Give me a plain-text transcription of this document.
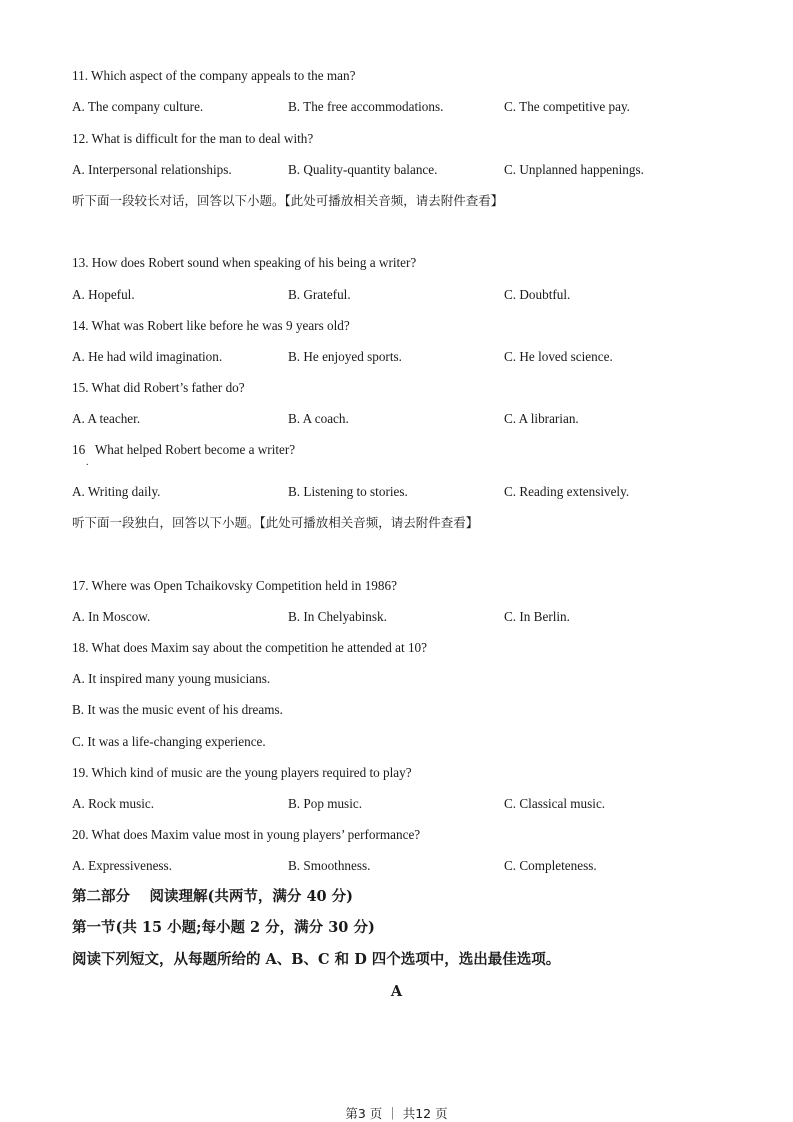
11. Which aspect of the company appeals to the man?
A. The company culture.	B. The free accommodations.	C. The competitive pay.
12. What is difficult for the man to deal with?
A. Interpersonal relationships.	B. Quality-quantity balance.	C. Unplanned happenings.
听下面一段较长对话，回答以下小题。【此处可播放相关音频，请去附件查看】
13. How does Robert sound when speaking of his being a writer?
A. Hopeful.	B. Grateful.	C. Doubtful.
14. What was Robert like before he was 9 years old?
A. He had wild imagination.	B. He enjoyed sports.	C. He loved science.
15. What did Robert’s father do?
A. A teacher.	B. A coach.	C. A librarian.
16   What helped Robert become a writer?
.
A. Writing daily.	B. Listening to stories.	C. Reading extensively.
听下面一段独白，回答以下小题。【此处可播放相关音频，请去附件查看】
17. Where was Open Tchaikovsky Competition held in 1986?
A. In Moscow.	B. In Chelyabinsk.	C. In Berlin.
18. What does Maxim say about the competition he attended at 10?
A. It inspired many young musicians.
B. It was the music event of his dreams.
C. It was a life-changing experience.
19. Which kind of music are the young players required to play?
A. Rock music.	B. Pop music.	C. Classical music.
20. What does Maxim value most in young players’ performance?
A. Expressiveness.	B. Smoothness.	C. Completeness.
第二部分　 阅读理解(共两节，满分 40 分)
第一节(共 15 小题;每小题 2 分，满分 30 分)
阅读下列短文，从每题所给的 A、B、C 和 D 四个选项中，选出最佳选项。
A
第3 页 ｜ 共12 页
